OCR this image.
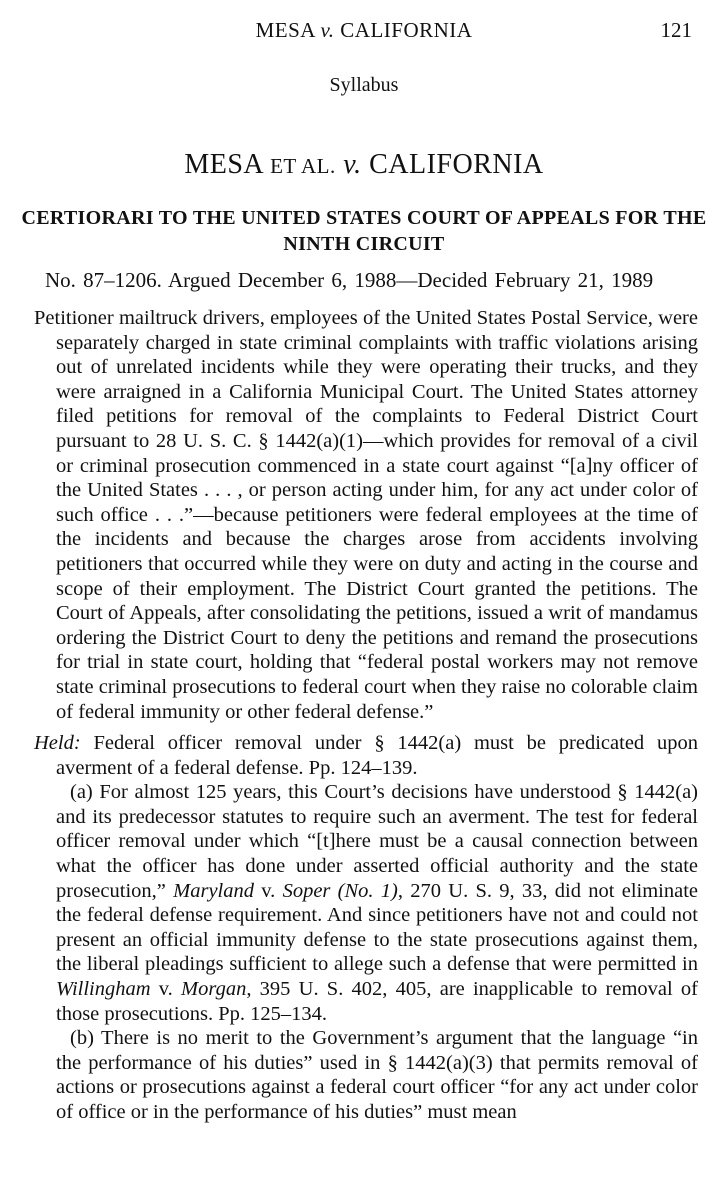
MESA v. CALIFORNIA	121
Syllabus
MESA ET AL. v. CALIFORNIA
CERTIORARI TO THE UNITED STATES COURT OF APPEALS FOR THE NINTH CIRCUIT
No. 87–1206. Argued December 6, 1988—Decided February 21, 1989

Petitioner mailtruck drivers, employees of the United States Postal Service, were separately charged in state criminal complaints with traffic violations arising out of unrelated incidents while they were operating their trucks, and they were arraigned in a California Municipal Court. The United States attorney filed petitions for removal of the complaints to Federal District Court pursuant to 28 U. S. C. § 1442(a)(1)—which provides for removal of a civil or criminal prosecution commenced in a state court against “[a]ny officer of the United States . . . , or person acting under him, for any act under color of such office . . .”—because petitioners were federal employees at the time of the incidents and because the charges arose from accidents involving petitioners that occurred while they were on duty and acting in the course and scope of their employment. The District Court granted the petitions. The Court of Appeals, after consolidating the petitions, issued a writ of mandamus ordering the District Court to deny the petitions and remand the prosecutions for trial in state court, holding that “federal postal workers may not remove state criminal prosecutions to federal court when they raise no colorable claim of federal immunity or other federal defense.”

Held: Federal officer removal under § 1442(a) must be predicated upon averment of a federal defense. Pp. 124–139.

(a) For almost 125 years, this Court’s decisions have understood § 1442(a) and its predecessor statutes to require such an averment. The test for federal officer removal under which “[t]here must be a causal connection between what the officer has done under asserted official authority and the state prosecution,” Maryland v. Soper (No. 1), 270 U. S. 9, 33, did not eliminate the federal defense requirement. And since petitioners have not and could not present an official immunity defense to the state prosecutions against them, the liberal pleadings sufficient to allege such a defense that were permitted in Willingham v. Morgan, 395 U. S. 402, 405, are inapplicable to removal of those prosecutions. Pp. 125–134.

(b) There is no merit to the Government’s argument that the language “in the performance of his duties” used in § 1442(a)(3) that permits removal of actions or prosecutions against a federal court officer “for any act under color of office or in the performance of his duties” must mean
